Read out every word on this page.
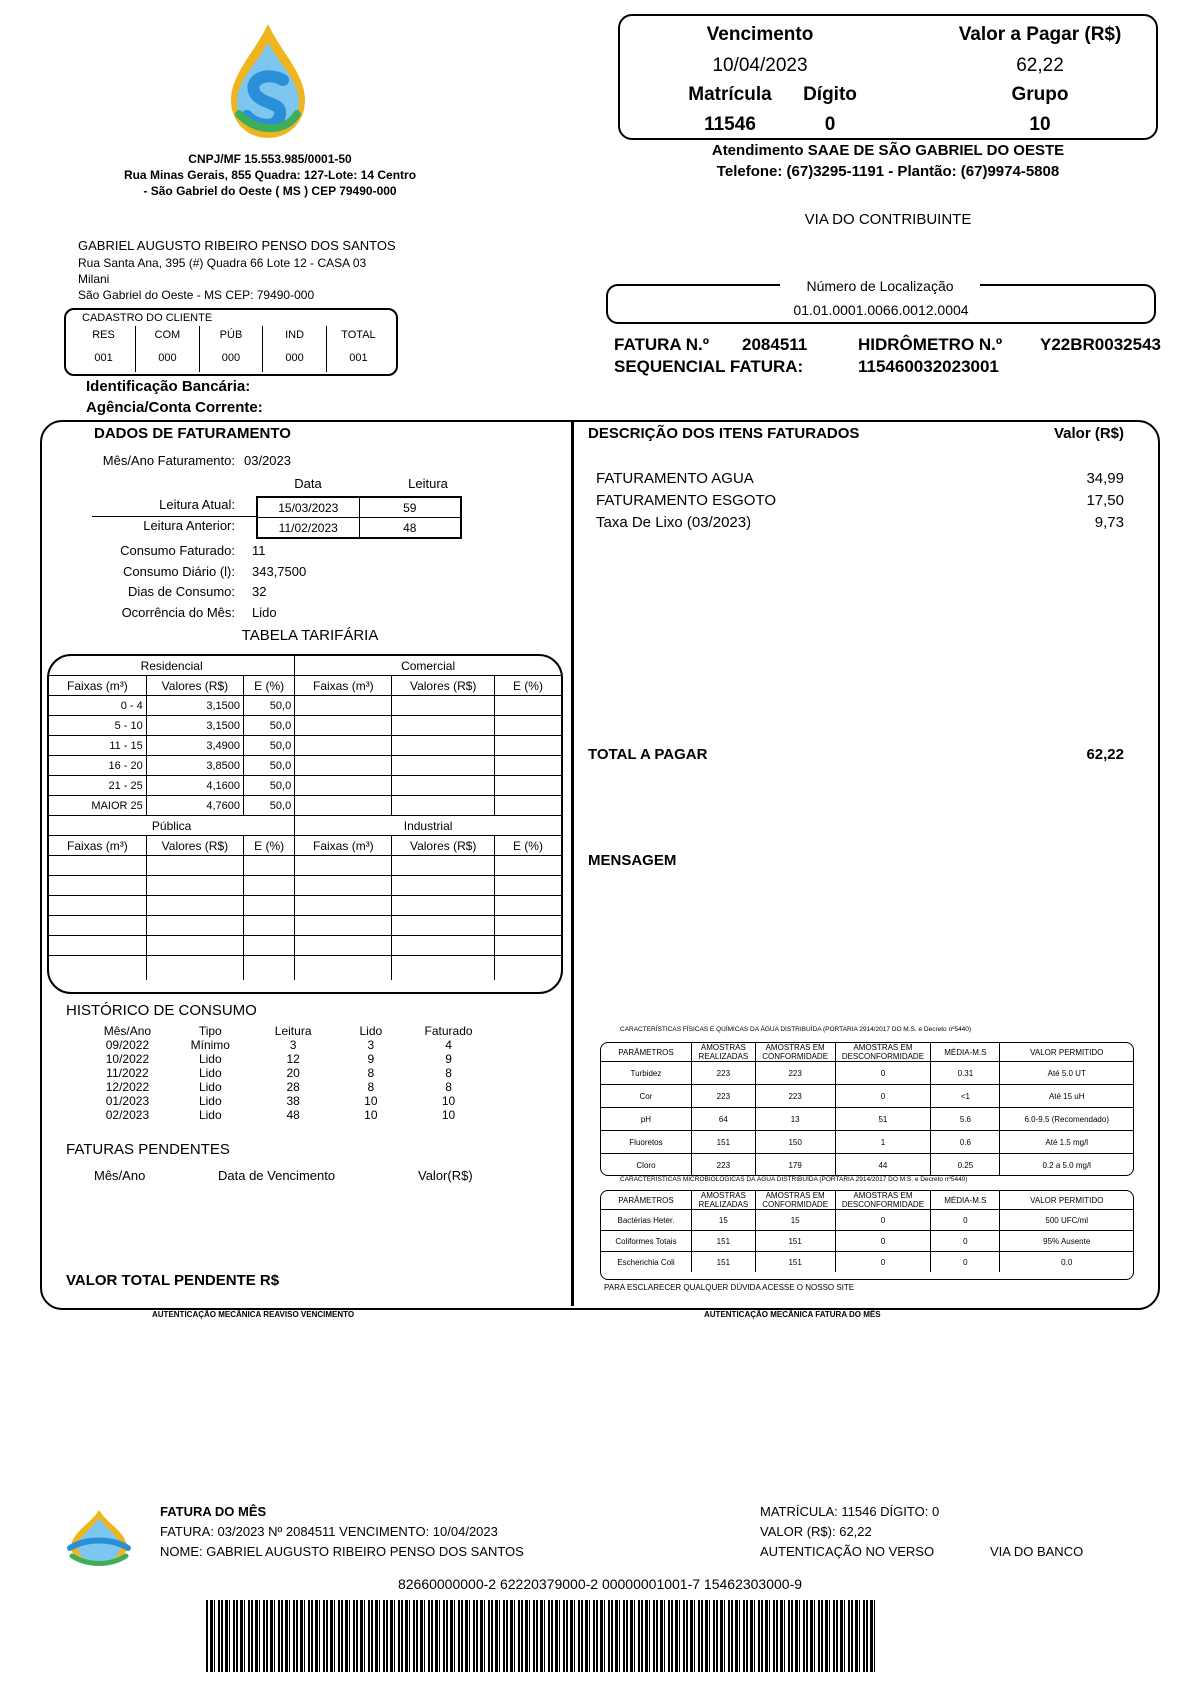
CNPJ/MF 15.553.985/0001-50
Rua Minas Gerais, 855 Quadra: 127-Lote: 14 Centro
- São Gabriel do Oeste ( MS ) CEP 79490-000
Vencimento	Valor a Pagar (R$)
10/04/2023	62,22
Matrícula	Dígito	Grupo
11546	0	10
Atendimento SAAE DE SÃO GABRIEL DO OESTE
Telefone: (67)3295-1191 - Plantão: (67)9974-5808
VIA DO CONTRIBUINTE
GABRIEL AUGUSTO RIBEIRO PENSO DOS SANTOS
Rua Santa Ana, 395 (#) Quadra 66 Lote 12 - CASA 03
Milani
São Gabriel do Oeste - MS CEP: 79490-000
CADASTRO DO CLIENTE
RES	COM	PÚB	IND	TOTAL
001	000	000	000	001
Identificação Bancária:
Agência/Conta Corrente:
Número de Localização
01.01.0001.0066.0012.0004
FATURA N.º 2084511	HIDRÔMETRO N.º Y22BR0032543
SEQUENCIAL FATURA:	115460032023001
DADOS DE FATURAMENTO
Mês/Ano Faturamento: 03/2023
Data	Leitura
Leitura Atual:
Leitura Anterior:
15/03/2023	59
11/02/2023	48
Consumo Faturado: 11
Consumo Diário (l): 343,7500
Dias de Consumo: 32
Ocorrência do Mês: Lido
TABELA TARIFÁRIA
Residencial			Comercial		
Faixas (m³)	Valores (R$)	E (%)	Faixas (m³)	Valores (R$)	E (%)
0 - 4	3,1500	50,0			
5 - 10	3,1500	50,0			
11 - 15	3,4900	50,0			
16 - 20	3,8500	50,0			
21 - 25	4,1600	50,0			
MAIOR 25	4,7600	50,0			
Pública			Industrial		
Faixas (m³)	Valores (R$)	E (%)	Faixas (m³)	Valores (R$)	E (%)

HISTÓRICO DE CONSUMO
Mês/Ano	Tipo	Leitura	Lido	Faturado
09/2022	Mínimo	3	3	4
10/2022	Lido	12	9	9
11/2022	Lido	20	8	8
12/2022	Lido	28	8	8
01/2023	Lido	38	10	10
02/2023	Lido	48	10	10
FATURAS PENDENTES
Mês/Ano	Data de Vencimento	Valor(R$)
VALOR TOTAL PENDENTE R$
DESCRIÇÃO DOS ITENS FATURADOS	Valor (R$)
FATURAMENTO AGUA	34,99
FATURAMENTO ESGOTO	17,50
Taxa De Lixo (03/2023)	9,73
TOTAL A PAGAR	62,22
MENSAGEM
CARACTERÍSTICAS FÍSICAS E QUÍMICAS DA ÁGUA DISTRIBUÍDA (PORTARIA 2914/2017 DO M.S. e Decreto nº5440)
PARÂMETROS	AMOSTRAS REALIZADAS	AMOSTRAS EM CONFORMIDADE	AMOSTRAS EM DESCONFORMIDADE	MÉDIA-M.S	VALOR PERMITIDO
Turbidez	223	223	0	0.31	Até 5.0 UT
Cor	223	223	0	<1	Até 15 uH
pH	64	13	51	5.6	6.0-9.5 (Recomendado)
Fluoretos	151	150	1	0.6	Até 1.5 mg/l
Cloro	223	179	44	0.25	0.2 a 5.0 mg/l
CARACTERÍSTICAS MICROBIOLÓGICAS DA ÁGUA DISTRIBUÍDA (PORTARIA 2914/2017 DO M.S. e Decreto nº5440)
PARÂMETROS	AMOSTRAS REALIZADAS	AMOSTRAS EM CONFORMIDADE	AMOSTRAS EM DESCONFORMIDADE	MÉDIA-M.S	VALOR PERMITIDO
Bactérias Heter.	15	15	0	0	500 UFC/ml
Coliformes Totais	151	151	0	0	95% Ausente
Escherichia Coli	151	151	0	0	0.0
PARA ESCLARECER QUALQUER DÚVIDA ACESSE O NOSSO SITE
AUTENTICAÇÃO MECÂNICA REAVISO VENCIMENTO	AUTENTICAÇÃO MECÂNICA FATURA DO MÊS
FATURA DO MÊS
FATURA: 03/2023 Nº 2084511 VENCIMENTO: 10/04/2023
NOME: GABRIEL AUGUSTO RIBEIRO PENSO DOS SANTOS
MATRÍCULA: 11546 DÍGITO: 0
VALOR (R$): 62,22
AUTENTICAÇÃO NO VERSO	VIA DO BANCO
82660000000-2 62220379000-2 00000001001-7 15462303000-9
